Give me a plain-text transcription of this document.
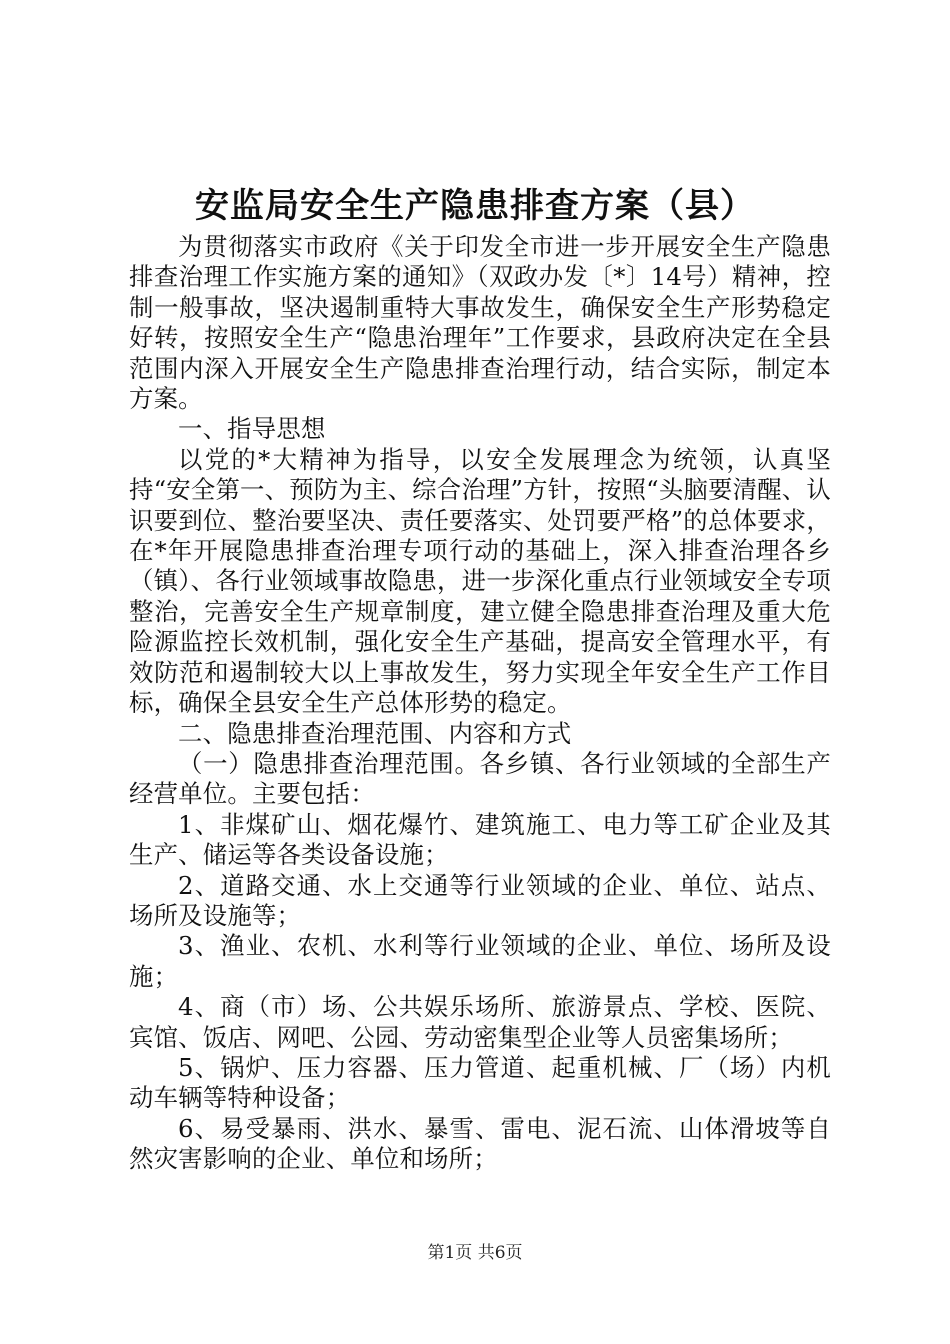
安监局安全生产隐患排查方案（县）

为贯彻落实市政府《关于印发全市进一步开展安全生产隐患排查治理工作实施方案的通知》（双政办发〔*〕14号）精神，控制一般事故，坚决遏制重特大事故发生，确保安全生产形势稳定好转，按照安全生产“隐患治理年”工作要求，县政府决定在全县范围内深入开展安全生产隐患排查治理行动，结合实际，制定本方案。

一、指导思想

以党的*大精神为指导，以安全发展理念为统领，认真坚持“安全第一、预防为主、综合治理”方针，按照“头脑要清醒、认识要到位、整治要坚决、责任要落实、处罚要严格”的总体要求，在*年开展隐患排查治理专项行动的基础上，深入排查治理各乡（镇）、各行业领域事故隐患，进一步深化重点行业领域安全专项整治，完善安全生产规章制度，建立健全隐患排查治理及重大危险源监控长效机制，强化安全生产基础，提高安全管理水平，有效防范和遏制较大以上事故发生，努力实现全年安全生产工作目标，确保全县安全生产总体形势的稳定。

二、隐患排查治理范围、内容和方式

（一）隐患排查治理范围。各乡镇、各行业领域的全部生产经营单位。主要包括：

1、非煤矿山、烟花爆竹、建筑施工、电力等工矿企业及其生产、储运等各类设备设施；

2、道路交通、水上交通等行业领域的企业、单位、站点、场所及设施等；

3、渔业、农机、水利等行业领域的企业、单位、场所及设施；

4、商（市）场、公共娱乐场所、旅游景点、学校、医院、宾馆、饭店、网吧、公园、劳动密集型企业等人员密集场所；

5、锅炉、压力容器、压力管道、起重机械、厂（场）内机动车辆等特种设备；

6、易受暴雨、洪水、暴雪、雷电、泥石流、山体滑坡等自然灾害影响的企业、单位和场所；

第1页 共6页
